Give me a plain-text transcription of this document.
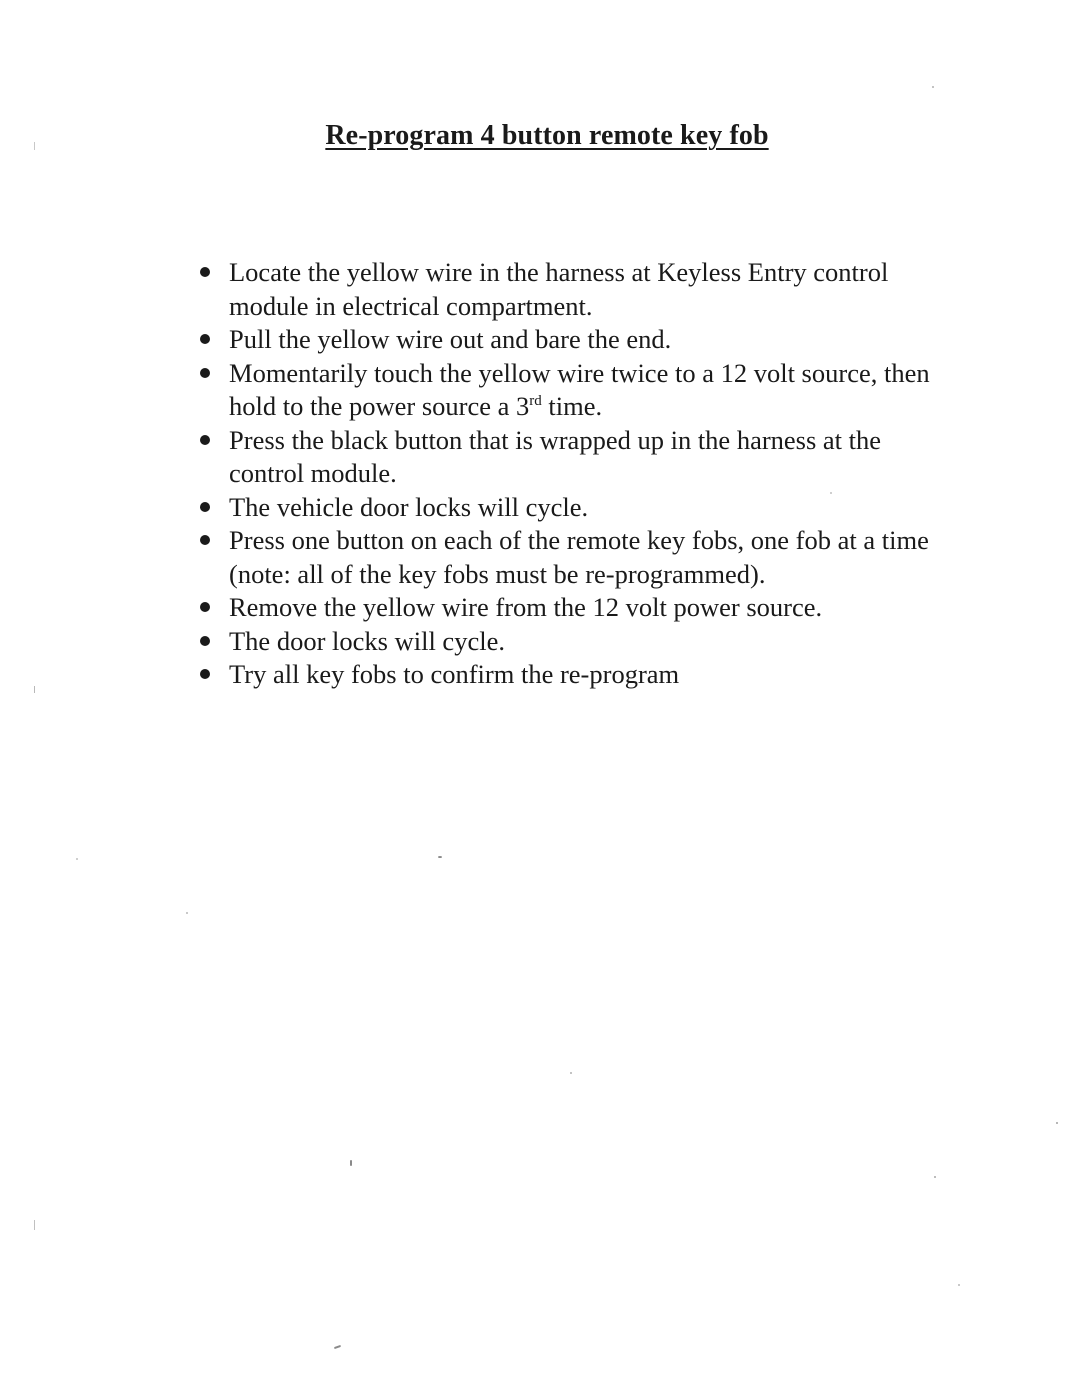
Re-program 4 button remote key fob
Locate the yellow wire in the harness at Keyless Entry control module in electrical compartment.
Pull the yellow wire out and bare the end.
Momentarily touch the yellow wire twice to a 12 volt source, then hold to the power source a 3rd time.
Press the black button that is wrapped up in the harness at the control module.
The vehicle door locks will cycle.
Press one button on each of the remote key fobs, one fob at a time (note: all of the key fobs must be re-programmed).
Remove the yellow wire from the 12 volt power source.
The door locks will cycle.
Try all key fobs to confirm the re-program
